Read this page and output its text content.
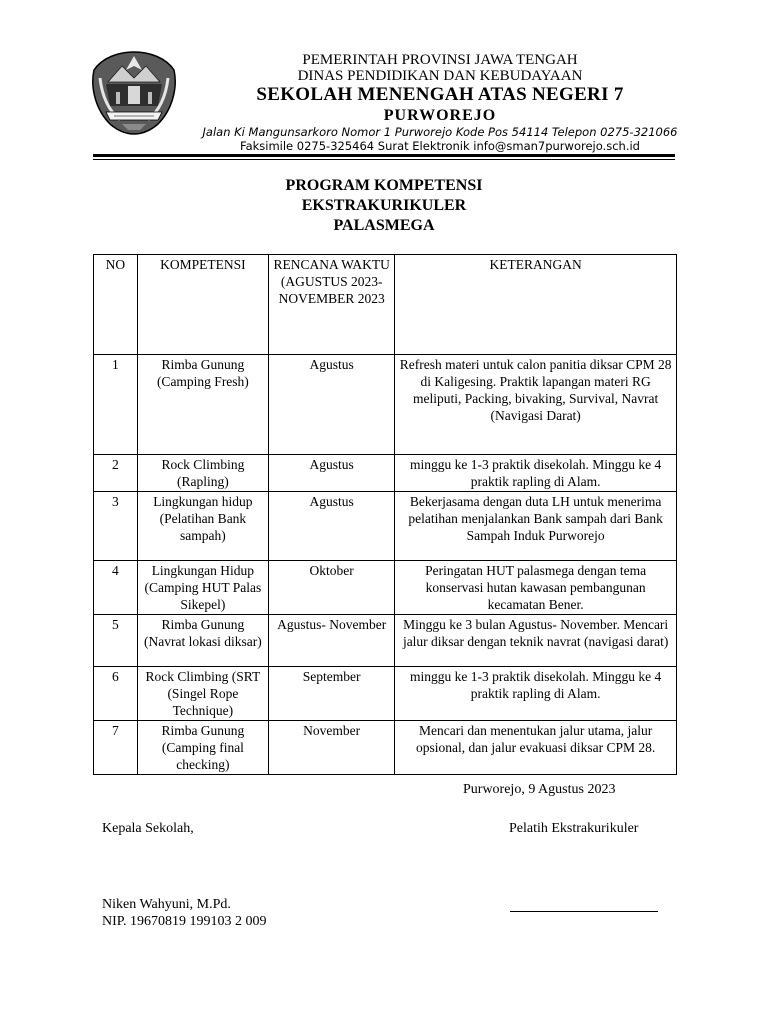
PEMERINTAH PROVINSI JAWA TENGAH
DINAS PENDIDIKAN DAN KEBUDAYAAN
SEKOLAH MENENGAH ATAS NEGERI 7
PURWOREJO
Jalan Ki Mangunsarkoro Nomor 1 Purworejo Kode Pos 54114 Telepon 0275-321066
Faksimile 0275-325464 Surat Elektronik info@sman7purworejo.sch.id
PROGRAM KOMPETENSI
EKSTRAKURIKULER
PALASMEGA
NO	KOMPETENSI	RENCANA WAKTU (AGUSTUS 2023- NOVEMBER 2023	KETERANGAN
1	Rimba Gunung (Camping Fresh)	Agustus	Refresh materi untuk calon panitia diksar CPM 28 di Kaligesing. Praktik lapangan materi RG meliputi, Packing, bivaking, Survival, Navrat (Navigasi Darat)
2	Rock Climbing (Rapling)	Agustus	minggu ke 1-3 praktik disekolah. Minggu ke 4 praktik rapling di Alam.
3	Lingkungan hidup (Pelatihan Bank sampah)	Agustus	Bekerjasama dengan duta LH untuk menerima pelatihan menjalankan Bank sampah dari Bank Sampah Induk Purworejo
4	Lingkungan Hidup (Camping HUT Palas Sikepel)	Oktober	Peringatan HUT palasmega dengan tema konservasi hutan kawasan pembangunan kecamatan Bener.
5	Rimba Gunung (Navrat lokasi diksar)	Agustus- November	Minggu ke 3 bulan Agustus- November. Mencari jalur diksar dengan teknik navrat (navigasi darat)
6	Rock Climbing (SRT (Singel Rope Technique)	September	minggu ke 1-3 praktik disekolah. Minggu ke 4 praktik rapling di Alam.
7	Rimba Gunung (Camping final checking)	November	Mencari dan menentukan jalur utama, jalur opsional, dan jalur evakuasi diksar CPM 28.
Purworejo, 9 Agustus 2023
Kepala Sekolah,	Pelatih Ekstrakurikuler
Niken Wahyuni, M.Pd.
NIP. 19670819 199103 2 009
